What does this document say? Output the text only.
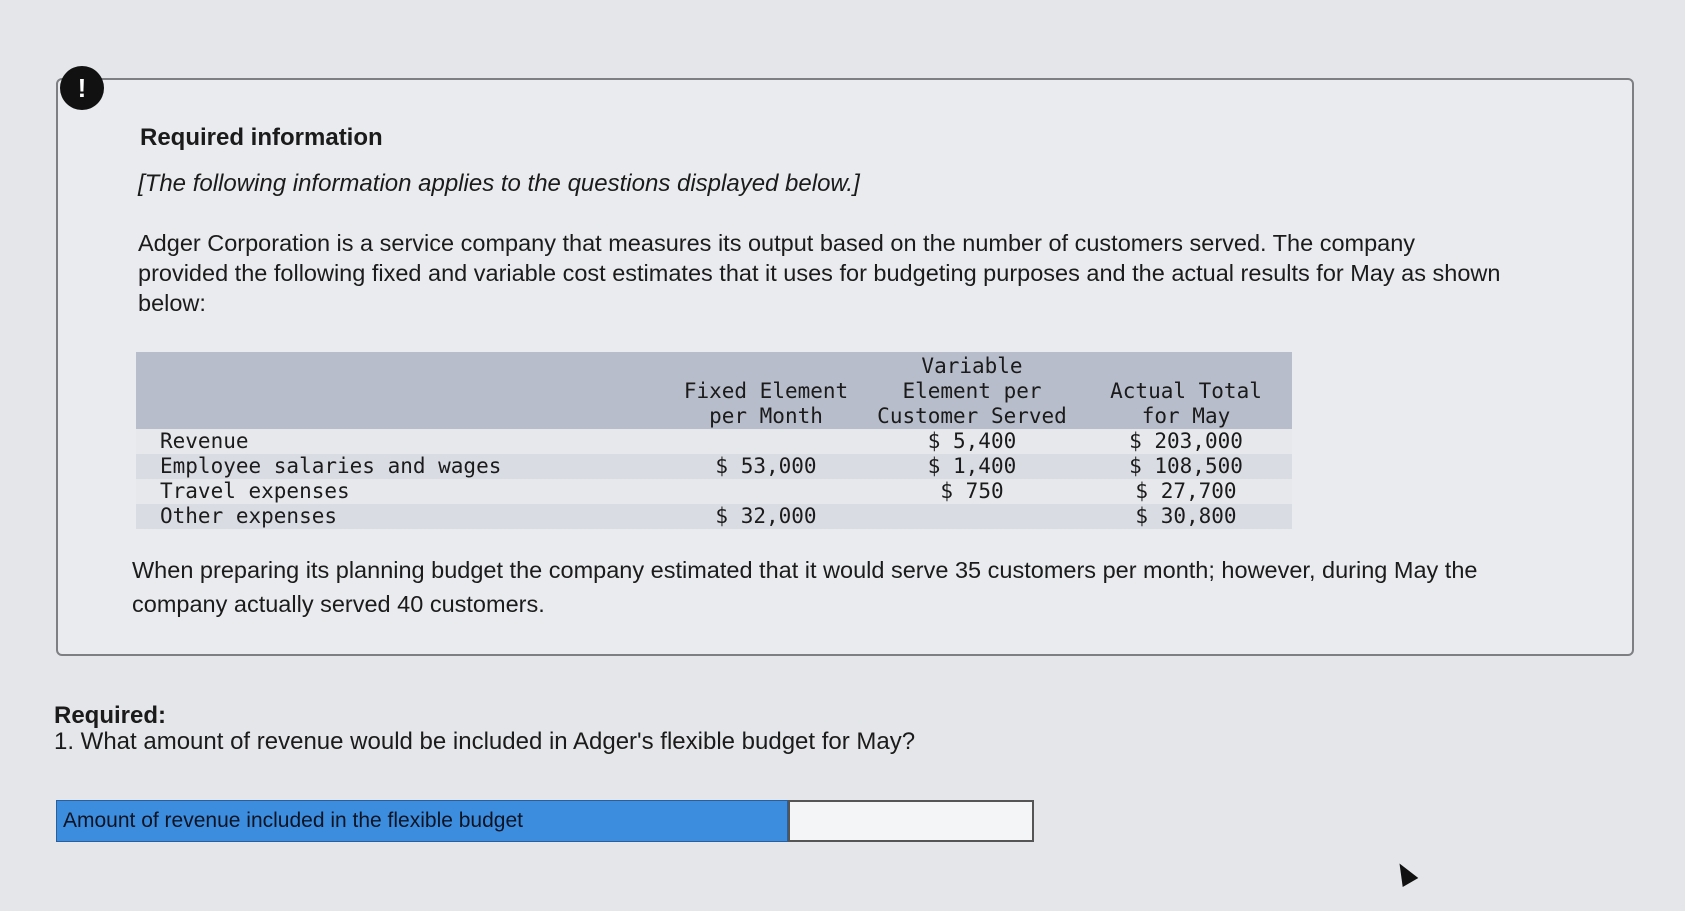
!
Required information
[The following information applies to the questions displayed below.]
Adger Corporation is a service company that measures its output based on the number of customers served. The company provided the following fixed and variable cost estimates that it uses for budgeting purposes and the actual results for May as shown below:
	Fixed Element per Month	Variable Element per Customer Served	Actual Total for May
Revenue		$ 5,400	$ 203,000
Employee salaries and wages	$ 53,000	$ 1,400	$ 108,500
Travel expenses		$ 750	$ 27,700
Other expenses	$ 32,000		$ 30,800
When preparing its planning budget the company estimated that it would serve 35 customers per month; however, during May the company actually served 40 customers.
Required:
1. What amount of revenue would be included in Adger's flexible budget for May?
Amount of revenue included in the flexible budget
